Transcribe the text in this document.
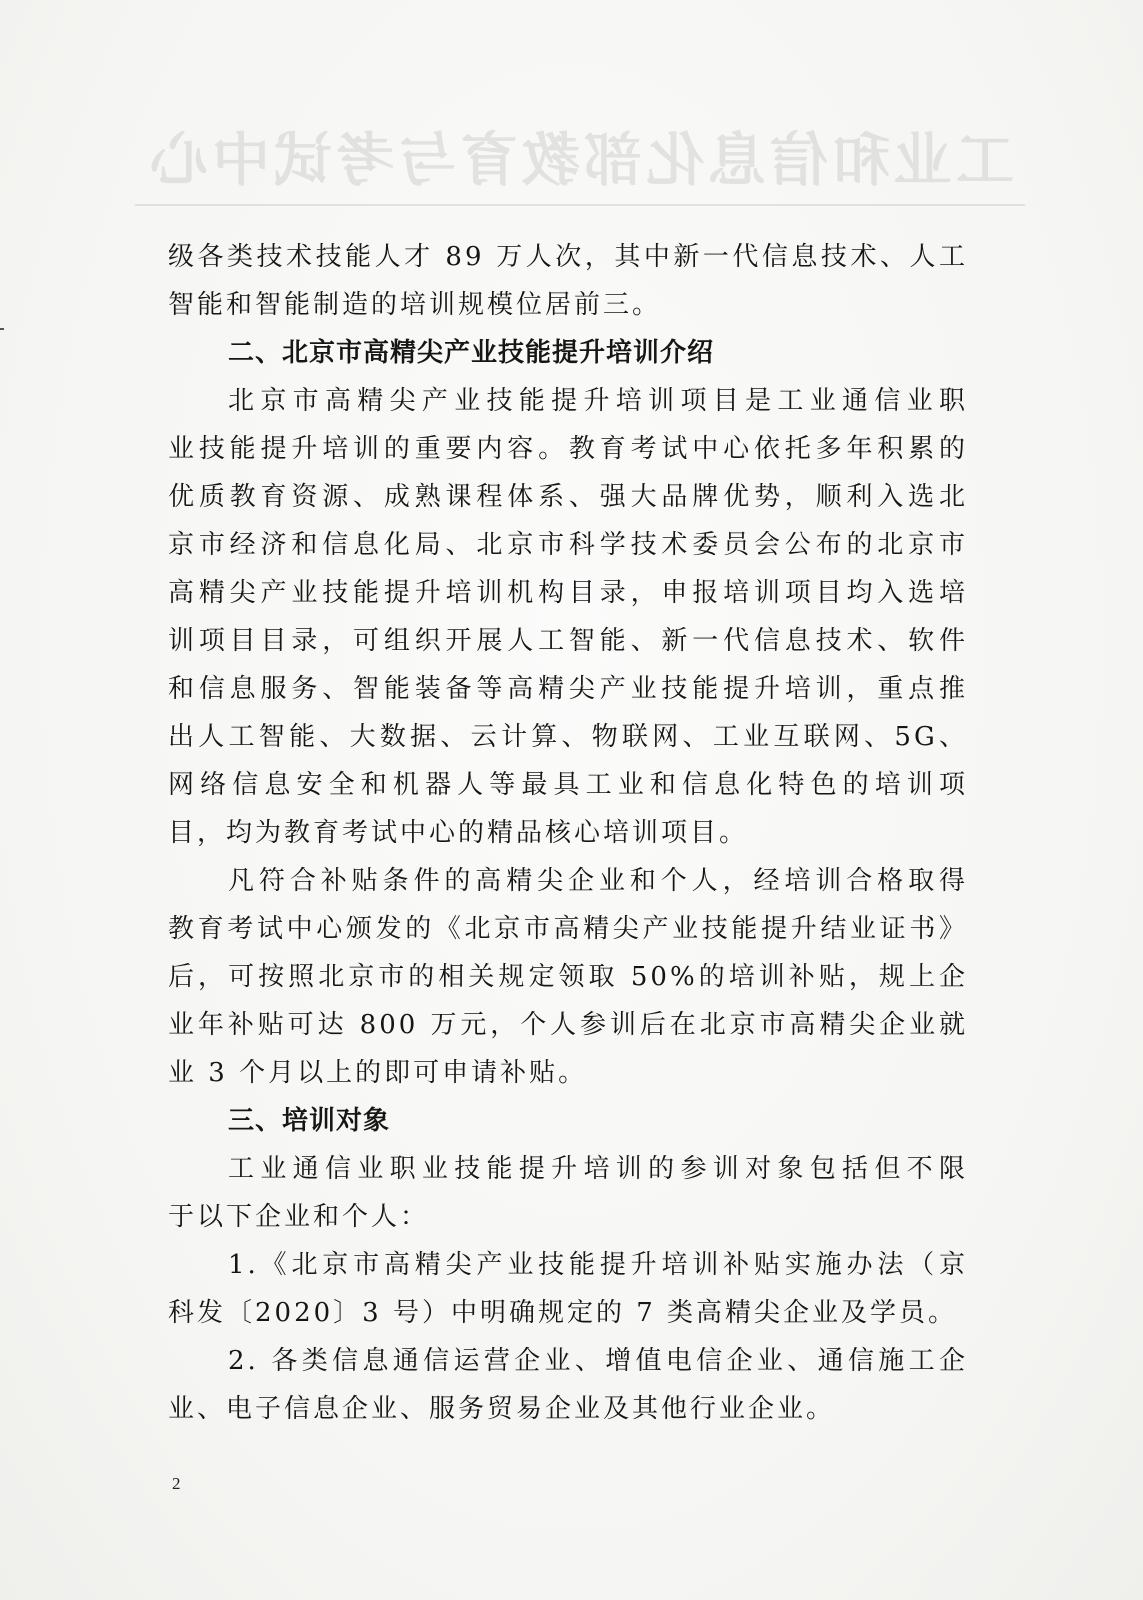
工业和信息化部教育与考试中心
级各类技术技能人才 89 万人次，其中新一代信息技术、人工
智能和智能制造的培训规模位居前三。
二、北京市高精尖产业技能提升培训介绍
北京市高精尖产业技能提升培训项目是工业通信业职
业技能提升培训的重要内容。教育考试中心依托多年积累的
优质教育资源、成熟课程体系、强大品牌优势，顺利入选北
京市经济和信息化局、北京市科学技术委员会公布的北京市
高精尖产业技能提升培训机构目录，申报培训项目均入选培
训项目目录，可组织开展人工智能、新一代信息技术、软件
和信息服务、智能装备等高精尖产业技能提升培训，重点推
出人工智能、大数据、云计算、物联网、工业互联网、5G、
网络信息安全和机器人等最具工业和信息化特色的培训项
目，均为教育考试中心的精品核心培训项目。
凡符合补贴条件的高精尖企业和个人，经培训合格取得
教育考试中心颁发的《北京市高精尖产业技能提升结业证书》
后，可按照北京市的相关规定领取 50%的培训补贴，规上企
业年补贴可达 800 万元，个人参训后在北京市高精尖企业就
业 3 个月以上的即可申请补贴。
三、培训对象
工业通信业职业技能提升培训的参训对象包括但不限
于以下企业和个人：
1.《北京市高精尖产业技能提升培训补贴实施办法（京
科发〔2020〕3 号）中明确规定的 7 类高精尖企业及学员。
2. 各类信息通信运营企业、增值电信企业、通信施工企
业、电子信息企业、服务贸易企业及其他行业企业。
2
